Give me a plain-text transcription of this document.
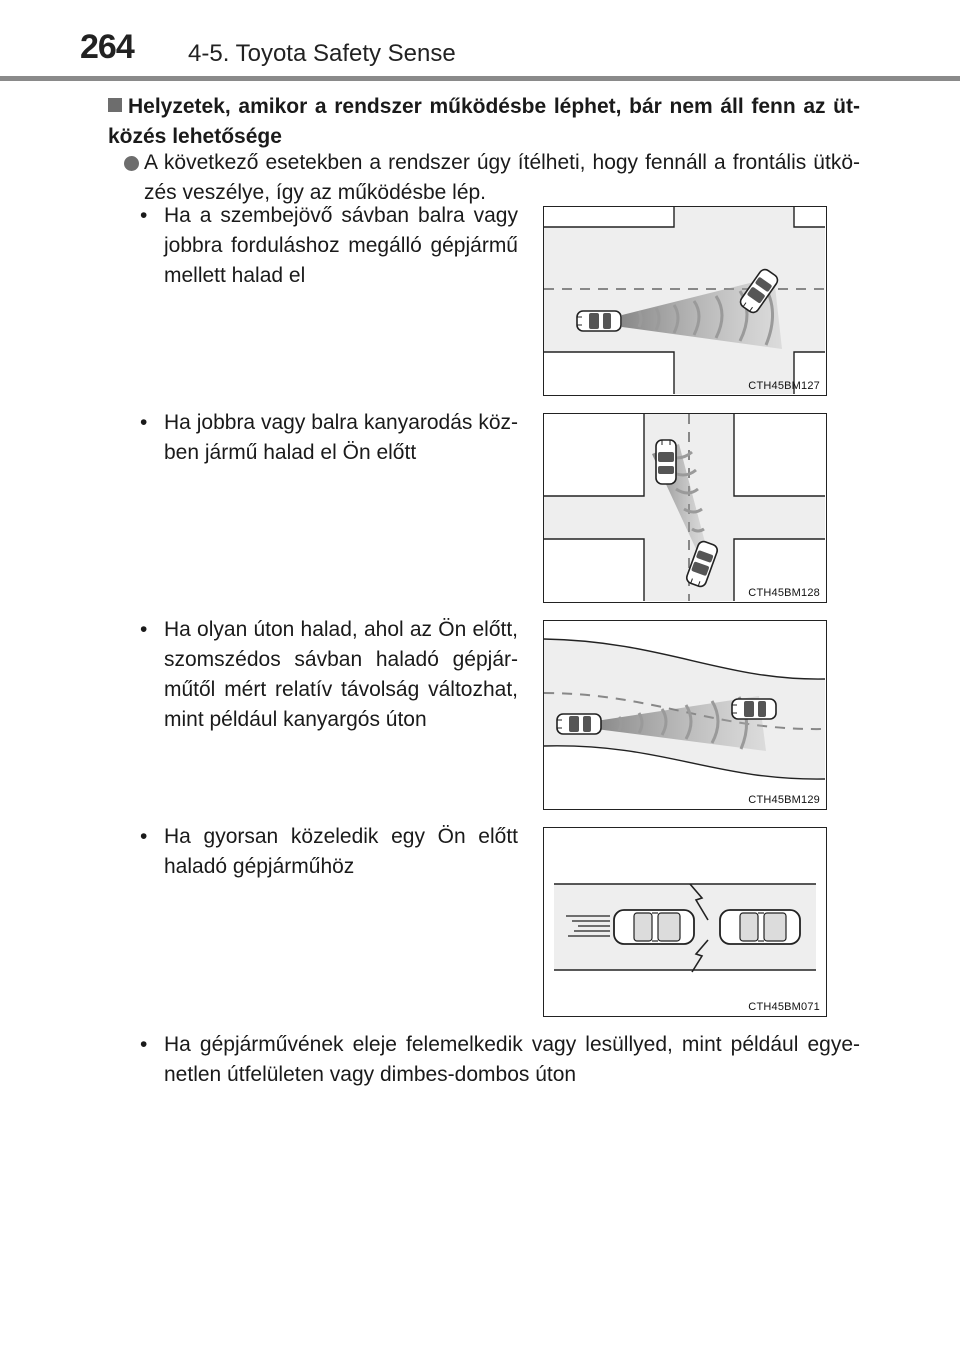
264 4-5. Toyota Safety Sense
Helyzetek, amikor a rendszer működésbe léphet, bár nem áll fenn az üt-közés lehetősége
A következő esetekben a rendszer úgy ítélheti, hogy fennáll a frontális ütkö-zés veszélye, így az működésbe lép.
• Ha a szembejövő sávban balra vagy jobbra forduláshoz megálló gépjármű mellett halad el
• Ha jobbra vagy balra kanyarodás köz-ben jármű halad el Ön előtt
• Ha olyan úton halad, ahol az Ön előtt, szomszédos sávban haladó gépjár-műtől mért relatív távolság változhat, mint például kanyargós úton
• Ha gyorsan közeledik egy Ön előtt haladó gépjárműhöz
• Ha gépjárművének eleje felemelkedik vagy lesüllyed, mint például egye-netlen útfelületen vagy dimbes-dombos úton
CTH45BM127
CTH45BM128
CTH45BM129
CTH45BM071
